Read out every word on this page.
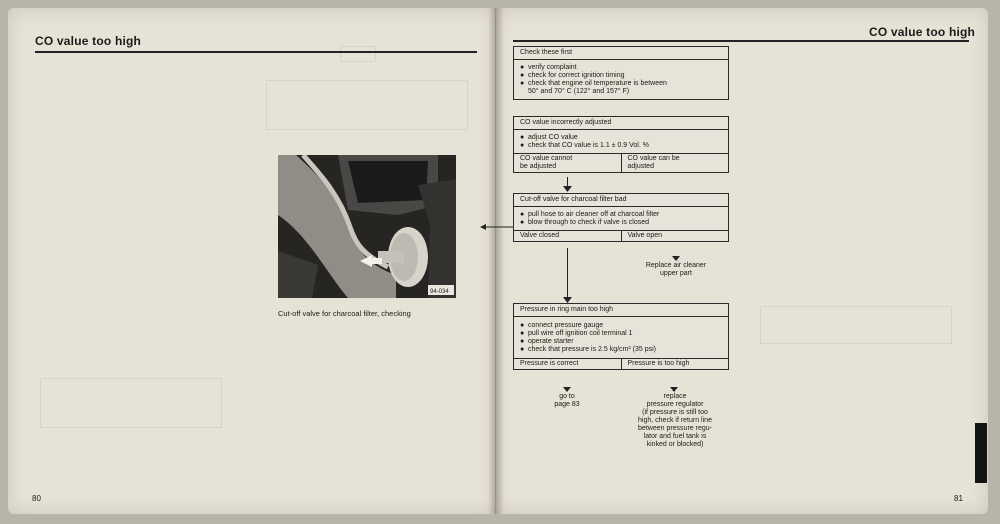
CO value too high
94-034
Cut-off valve for charcoal filter, checking
80
CO value too high
Check these first
● verify complaint
● check for correct ignition timing
● check that engine oil temperature is between
50° and 70° C (122° and 157° F)
CO value incorrectly adjusted
● adjust CO value
● check that CO value is 1.1 ± 0.9 Vol. %
CO value cannot
be adjusted
CO value can be
adjusted
Cut-off valve for charcoal filter bad
● pull hose to air cleaner off at charcoal filter
● blow through to check if valve is closed
Valve closed	Valve open
Replace air cleaner
upper part
Pressure in ring main too high
● connect pressure gauge
● pull wire off ignition coil terminal 1
● operate starter
● check that pressure is 2.5 kg/cm² (35 psi)
Pressure is correct	Pressure is too high
go to
page 83
replace
pressure regulator
(if pressure is still too
high, check if return line
between pressure regu-
lator and fuel tank is
kinked or blocked)
81
